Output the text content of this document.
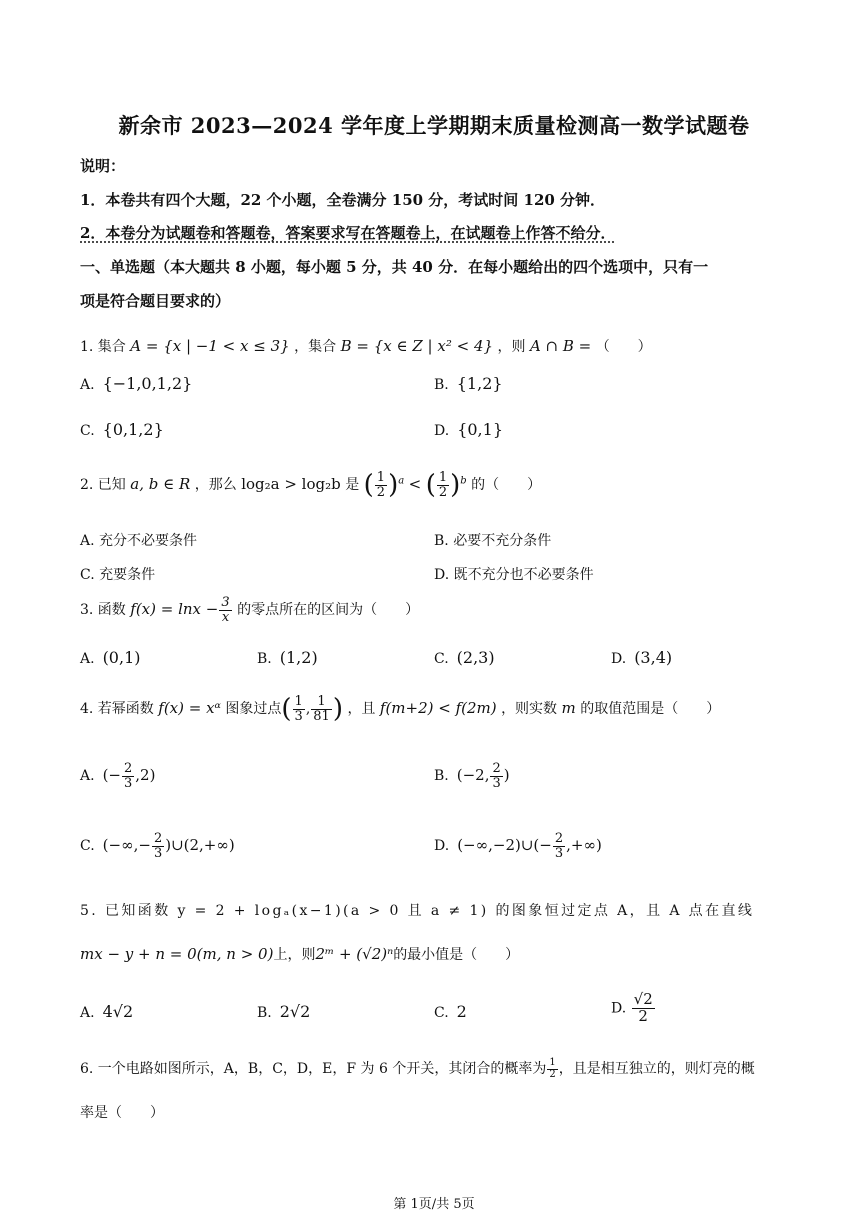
新余市 2023—2024 学年度上学期期末质量检测高一数学试题卷
说明：
1．本卷共有四个大题，22 个小题，全卷满分 150 分，考试时间 120 分钟．
2．本卷分为试题卷和答题卷，答案要求写在答题卷上，在试题卷上作答不给分．
一、单选题（本大题共 8 小题，每小题 5 分，共 40 分．在每小题给出的四个选项中，只有一
项是符合题目要求的）
1. 集合 A = {x | −1 < x ≤ 3} ，集合 B = {x ∈ Z | x² < 4} ，则 A ∩ B = （　　）
A. {−1,0,1,2}	B. {1,2}
C. {0,1,2}	D. {0,1}
2. 已知 a, b ∈ R ，那么 log₂a > log₂b 是 ( $\frac{1}{2} )^a$ < ( $\frac{1}{2} )^b$ 的（　　）
A. 充分不必要条件	B. 必要不充分条件
C. 充要条件	D. 既不充分也不必要条件
3. 函数 $f(x) = \ln x - \frac{3}{x}$ 的零点所在的区间为（　　）
A. (0,1)	B. (1,2)	C. (2,3)	D. (3,4)
4. 若幂函数 f(x) = xᵅ 图象过点( $\frac{1}{3}$ , $\frac{1}{81}$ ) ，且 f(m+2) < f(2m) ，则实数 m 的取值范围是（　　）
A. (− $\frac{2}{3} ,2$)	B. (−2, $\frac{2}{3}$ )
C. (−∞,− $\frac{2}{3}$ )∪(2,+∞)	D. (−∞,−2)∪(− $\frac{2}{3}$ ,+∞)
5. 已知函数 y = 2 + logₐ(x−1)(a > 0 且 a ≠ 1) 的图象恒过定点 A，且 A 点在直线
mx − y + n = 0(m, n > 0)上，则2ᵐ + (√2)ⁿ的最小值是（　　）
A. 4√2	B. 2√2	C. 2	D. $\frac{√2}{2}$
6. 一个电路如图所示，A，B，C，D，E，F 为 6 个开关，其闭合的概率为 $\frac{1}{2}$ ，且是相互独立的，则灯亮的概
率是（　　）
第 1页/共 5页
